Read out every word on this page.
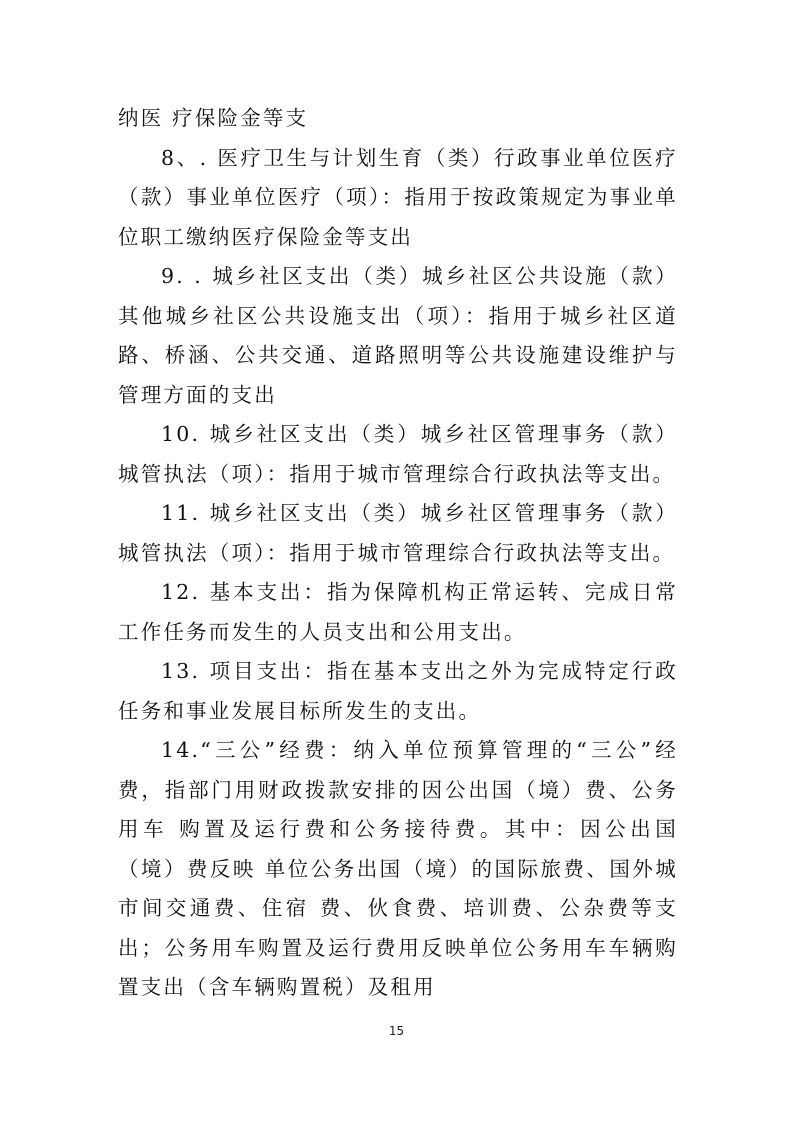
纳医 疗保险金等支

8、. 医疗卫生与计划生育（类）行政事业单位医疗（款）事业单位医疗（项）：指用于按政策规定为事业单位职工缴纳医疗保险金等支出

9. . 城乡社区支出（类）城乡社区公共设施（款）其他城乡社区公共设施支出（项）：指用于城乡社区道路、桥涵、公共交通、道路照明等公共设施建设维护与管理方面的支出

10. 城乡社区支出（类）城乡社区管理事务（款）城管执法（项）：指用于城市管理综合行政执法等支出。

11. 城乡社区支出（类）城乡社区管理事务（款）城管执法（项）：指用于城市管理综合行政执法等支出。

12. 基本支出：指为保障机构正常运转、完成日常工作任务而发生的人员支出和公用支出。

13. 项目支出：指在基本支出之外为完成特定行政任务和事业发展目标所发生的支出。

14.“三公”经费：纳入单位预算管理的“三公”经 费，指部门用财政拨款安排的因公出国（境）费、公务用车 购置及运行费和公务接待费。其中：因公出国（境）费反映 单位公务出国（境）的国际旅费、国外城市间交通费、住宿 费、伙食费、培训费、公杂费等支出；公务用车购置及运行费用反映单位公务用车车辆购置支出（含车辆购置税）及租用

15
